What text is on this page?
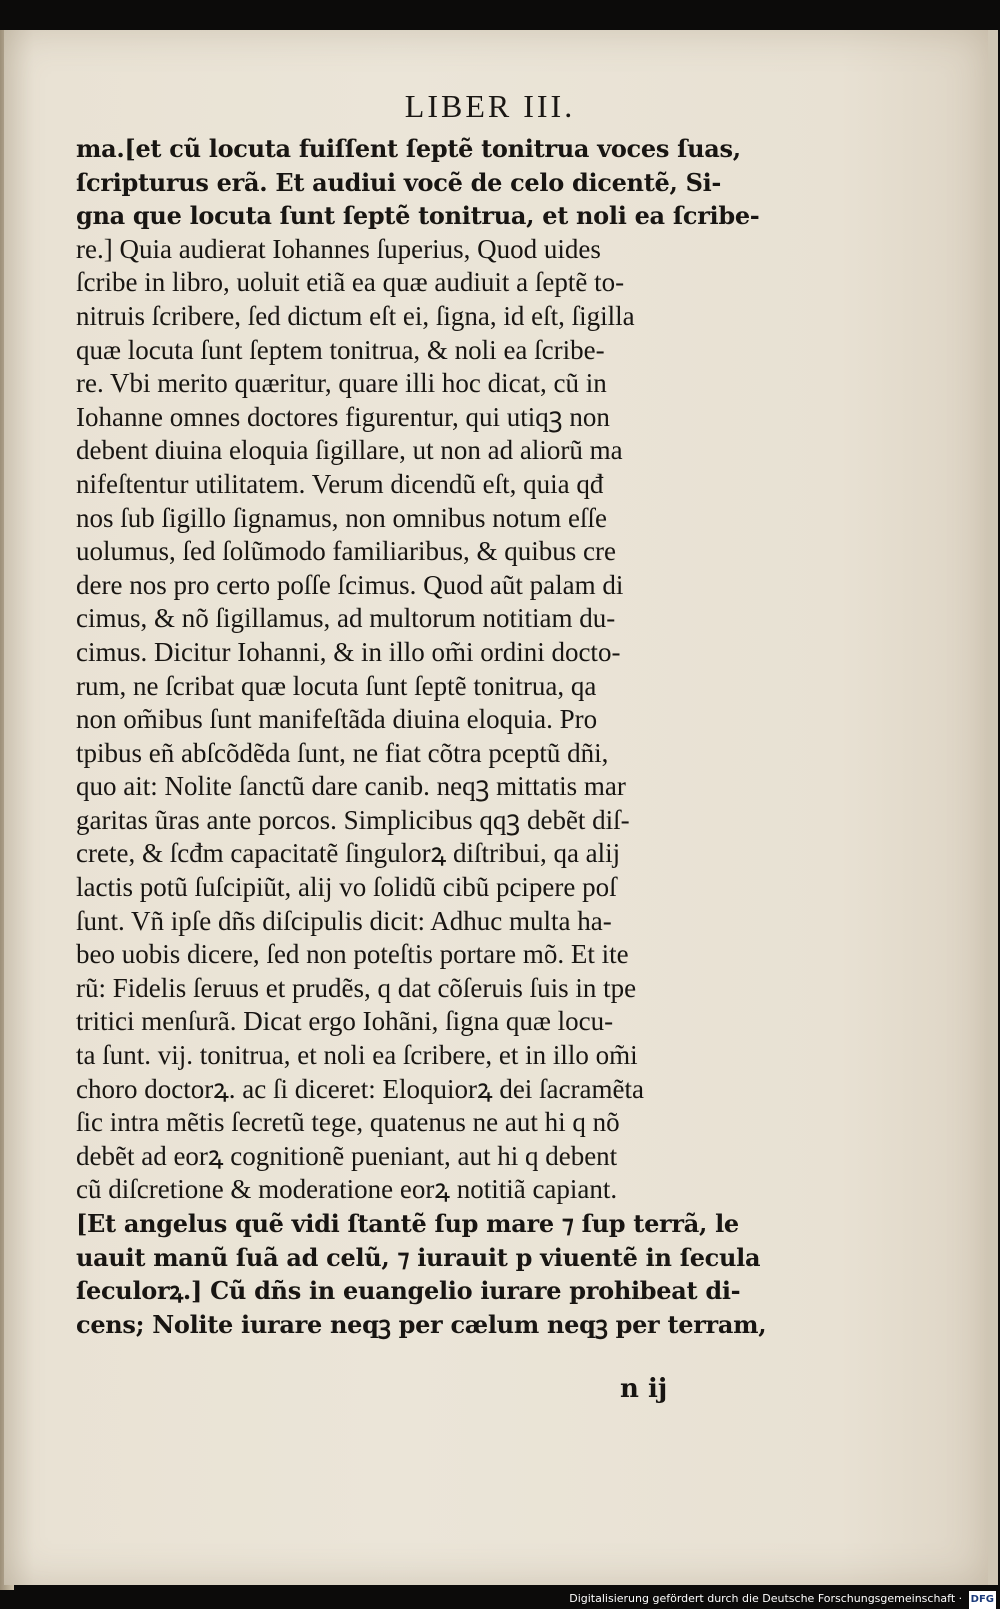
LIBER III.
ma.[et cũ locuta fuiſſent ſeptẽ tonitrua voces ſuas,
ſcripturus erã. Et audiui vocẽ de celo dicentẽ, Si-
gna que locuta ſunt ſeptẽ tonitrua, et noli ea ſcribe-
re.] Quia audierat Iohannes ſuperius, Quod uides
ſcribe in libro, uoluit etiã ea quæ audiuit a ſeptẽ to-
nitruis ſcribere, ſed dictum eſt ei, ſigna, id eſt, ſigilla
quæ locuta ſunt ſeptem tonitrua, & noli ea ſcribe-
re. Vbi merito quæritur, quare illi hoc dicat, cũ in
Iohanne omnes doctores figurentur, qui utiqꝫ non
debent diuina eloquia ſigillare, ut non ad aliorũ ma
nifeſtentur utilitatem. Verum dicendũ eſt, quia qđ
nos ſub ſigillo ſignamus, non omnibus notum eſſe
uolumus, ſed ſolũmodo familiaribus, & quibus cre
dere nos pro certo poſſe ſcimus. Quod aũt palam di
cimus, & nõ ſigillamus, ad multorum notitiam du-
cimus. Dicitur Iohanni, & in illo om̃i ordini docto-
rum, ne ſcribat quæ locuta ſunt ſeptẽ tonitrua, qa
non om̃ibus ſunt manifeſtãda diuina eloquia. Pro
tpibus eñ abſcõdẽda ſunt, ne fiat cõtra pceptũ dñi,
quo ait: Nolite ſanctũ dare canib. neqꝫ mittatis mar
garitas ũras ante porcos. Simplicibus qqꝫ debẽt diſ-
crete, & ſcđm capacitatẽ ſingulorꝝ diſtribui, qa alij
lactis potũ ſuſcipiũt, alij vo ſolidũ cibũ pcipere poſ
ſunt. Vñ ipſe dñs diſcipulis dicit: Adhuc multa ha-
beo uobis dicere, ſed non poteſtis portare mõ. Et ite
rũ: Fidelis ſeruus et prudẽs, q dat cõſeruis ſuis in tpe
tritici menſurã. Dicat ergo Iohãni, ſigna quæ locu-
ta ſunt. vij. tonitrua, et noli ea ſcribere, et in illo om̃i
choro doctorꝝ. ac ſi diceret: Eloquiorꝝ dei ſacramẽta
ſic intra mẽtis ſecretũ tege, quatenus ne aut hi q nõ
debẽt ad eorꝝ cognitionẽ pueniant, aut hi q debent
cũ diſcretione & moderatione eorꝝ notitiã capiant.
[Et angelus quẽ vidi ſtantẽ ſup mare ⁊ ſup terrã, le
uauit manũ ſuã ad celũ, ⁊ iurauit p viuentẽ in ſecula
ſeculorꝝ.] Cũ dñs in euangelio iurare prohibeat di-
cens; Nolite iurare neqꝫ per cælum neqꝫ per terram,
n ij
Digitalisierung gefördert durch die Deutsche Forschungsgemeinschaft · DFG
